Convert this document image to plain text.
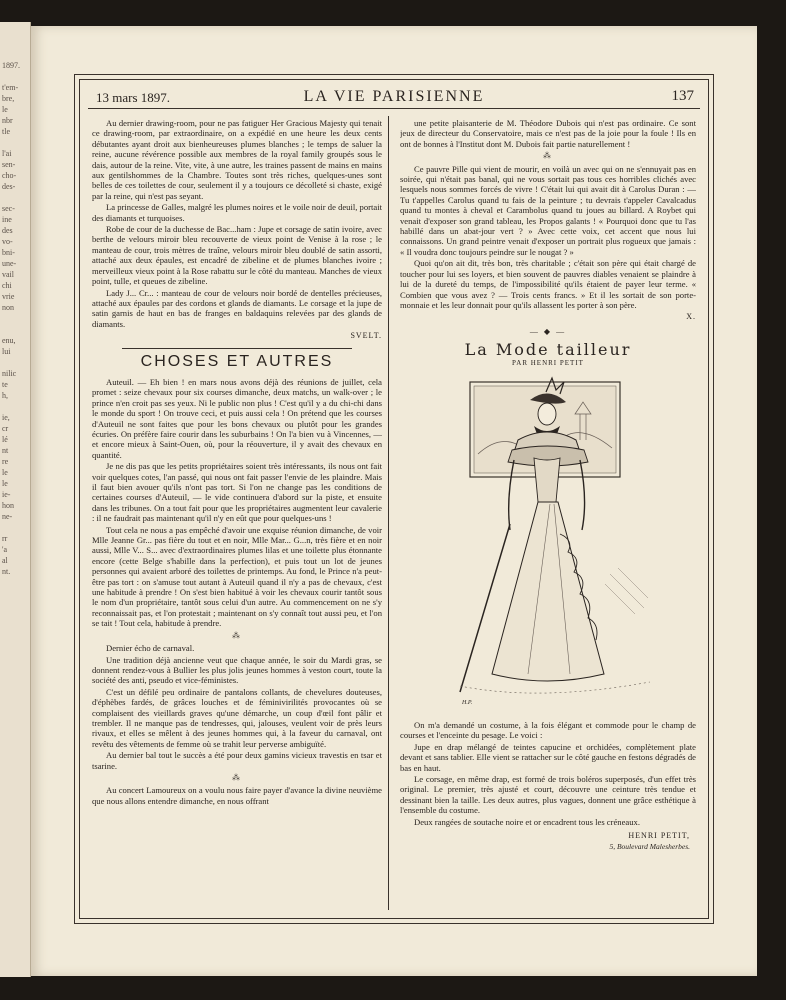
1897.

t'em-
bre,
le
nbr
tle

l'ai
sen-
cho-
des-

sec-
ine
des
vo-
bni-
une-
vail
chi
vrie
non

enu,
lui

nilic
te
h,

ie,
cr
lé
nt
re
le
le
ie-
hon
ne-

rr
'a
al
nt.
13 mars 1897.	LA VIE PARISIENNE	137

Au dernier drawing-room, pour ne pas fatiguer Her Gracious Majesty qui tenait ce drawing-room, par extraordinaire, on a expédié en une heure les deux cents débutantes ayant droit aux bienheureuses plumes blanches ; le temps de saluer la reine, aucune révérence possible aux membres de la royal family groupés sous le dais, autour de la reine. Vite, vite, à une autre, les traines passent de mains en mains aux gentilshommes de la Chambre. Toutes sont très riches, quelques-unes sont belles de ces toilettes de cour, seulement il y a toujours ce décolleté si chaste, exigé par la reine, qui n'est pas seyant.

La princesse de Galles, malgré les plumes noires et le voile noir de deuil, portait des diamants et turquoises.

Robe de cour de la duchesse de Bac...ham : Jupe et corsage de satin ivoire, avec berthe de velours miroir bleu recouverte de vieux point de Venise à la rose ; le manteau de cour, trois mètres de traîne, velours miroir bleu doublé de satin assorti, attaché aux deux épaules, est encadré de zibeline et de plumes blanches ivoire ; merveilleux vieux point à la Rose rabattu sur le côté du manteau. Manches de vieux point, tulle, et queues de zibeline.

Lady J... Cr... : manteau de cour de velours noir bordé de dentelles précieuses, attaché aux épaules par des cordons et glands de diamants. Le corsage et la jupe de satin garnis de haut en bas de franges en baldaquins relevées par des glands de diamants.

SVELT.
CHOSES ET AUTRES

Auteuil. — Eh bien ! en mars nous avons déjà des réunions de juillet, cela promet : seize chevaux pour six courses dimanche, deux matchs, un walk-over ; le prince n'en croit pas ses yeux. Ni le public non plus ! C'est qu'il y a du chi-chi dans le monde du sport ! On trouve ceci, et puis aussi cela ! On prétend que les courses d'Auteuil ne sont faites que pour les bons chevaux ou plutôt pour les grandes écuries. On préfère faire courir dans les suburbains ! On l'a bien vu à Vincennes, — et encore mieux à Saint-Ouen, où, pour la réouverture, il y avait des chevaux en quantité.

Je ne dis pas que les petits propriétaires soient très intéressants, ils nous ont fait voir quelques cotes, l'an passé, qui nous ont fait passer l'envie de les plaindre. Mais il faut bien avouer qu'ils n'ont pas tort. Si l'on ne change pas les conditions de certaines courses d'Auteuil, — le vide continuera d'abord sur la piste, et ensuite dans les tribunes. On a tout fait pour que les propriétaires augmentent leur cavalerie : il ne faudrait pas maintenant qu'il n'y en eût que pour quelques-uns !

Tout cela ne nous a pas empêché d'avoir une exquise réunion dimanche, de voir Mlle Jeanne Gr... pas fière du tout et en noir, Mlle Mar... G...n, très fière et en noir aussi, Mlle V... S... avec d'extraordinaires plumes lilas et une toilette plus étonnante encore (cette Belge s'habille dans la perfection), et puis tout un lot de jeunes personnes qui avaient arboré des toilettes de printemps. Au fond, le Prince n'a peut-être pas tort : on s'amuse tout autant à Auteuil quand il n'y a pas de chevaux, c'est une habitude à prendre ! On s'est bien habitué à voir les chevaux courir tantôt sous le nom d'un propriétaire, tantôt sous celui d'un autre. Au commencement on ne s'y reconnaissait pas, et l'on protestait ; maintenant on s'y connaît tout aussi peu, et l'on se tait ! Tout cela, habitude à prendre.

⁂

Dernier écho de carnaval.

Une tradition déjà ancienne veut que chaque année, le soir du Mardi gras, se donnent rendez-vous à Bullier les plus jolis jeunes hommes à veston court, toute la société des anti, pseudo et vice-féministes.

C'est un défilé peu ordinaire de pantalons collants, de chevelures douteuses, d'éphèbes fardés, de grâces louches et de féminivirilités provocantes où se complaisent des vieillards graves qu'une démarche, un coup d'œil font pâlir et trembler. Il ne manque pas de tendresses, qui, jalouses, veulent voir de près leurs rivaux, et elles se mêlent à des jeunes hommes qui, à la faveur du carnaval, ont revêtu des vêtements de femme où se trahit leur perverse ambiguïté.

Au dernier bal tout le succès a été pour deux gamins vicieux travestis en tsar et tsarine.

⁂

Au concert Lamoureux on a voulu nous faire payer d'avance la divine neuvième que nous allons entendre dimanche, en nous offrant

une petite plaisanterie de M. Théodore Dubois qui n'est pas ordinaire. Ce sont jeux de directeur du Conservatoire, mais ce n'est pas de la joie pour la foule ! Ils en ont de bonnes à l'Institut dont M. Dubois fait partie naturellement !

⁂

Ce pauvre Pille qui vient de mourir, en voilà un avec qui on ne s'ennuyait pas en soirée, qui n'était pas banal, qui ne vous sortait pas tous ces horribles clichés avec lesquels nous sommes forcés de vivre ! C'était lui qui avait dit à Carolus Duran : — Tu t'appelles Carolus quand tu fais de la peinture ; tu devrais t'appeler Cavalcadus quand tu montes à cheval et Carambolus quand tu joues au billard. A Roybet qui venait d'exposer son grand tableau, les Propos galants ! « Pourquoi donc que tu l'as habillé dans un abat-jour vert ? » Avec cette voix, cet accent que nous lui connaissons. Un grand peintre venait d'exposer un portrait plus rogueux que jamais : « Il voudra donc toujours peindre sur le nougat ? »

Quoi qu'on ait dit, très bon, très charitable ; c'était son père qui était chargé de toucher pour lui ses loyers, et bien souvent de pauvres diables venaient se plaindre à lui de la dureté du temps, de l'impossibilité qu'ils étaient de payer leur terme. « Combien que vous avez ? — Trois cents francs. » Et il les sortait de son porte-monnaie et les leur donnait pour qu'ils allassent les porter à son père.

X.
— ◆ —
La Mode tailleur
PAR HENRI PETIT
H.P.

On m'a demandé un costume, à la fois élégant et commode pour le champ de courses et l'enceinte du pesage. Le voici :

Jupe en drap mélangé de teintes capucine et orchidées, complètement plate devant et sans tablier. Elle vient se rattacher sur le côté gauche en festons dégradés de bas en haut.

Le corsage, en même drap, est formé de trois boléros superposés, d'un effet très original. Le premier, très ajusté et court, découvre une ceinture très tendue et dessinant bien la taille. Les deux autres, plus vagues, donnent une grâce esthétique à l'ensemble du costume.

Deux rangées de soutache noire et or encadrent tous les créneaux.

HENRI PETIT,
5, Boulevard Malesherbes.
